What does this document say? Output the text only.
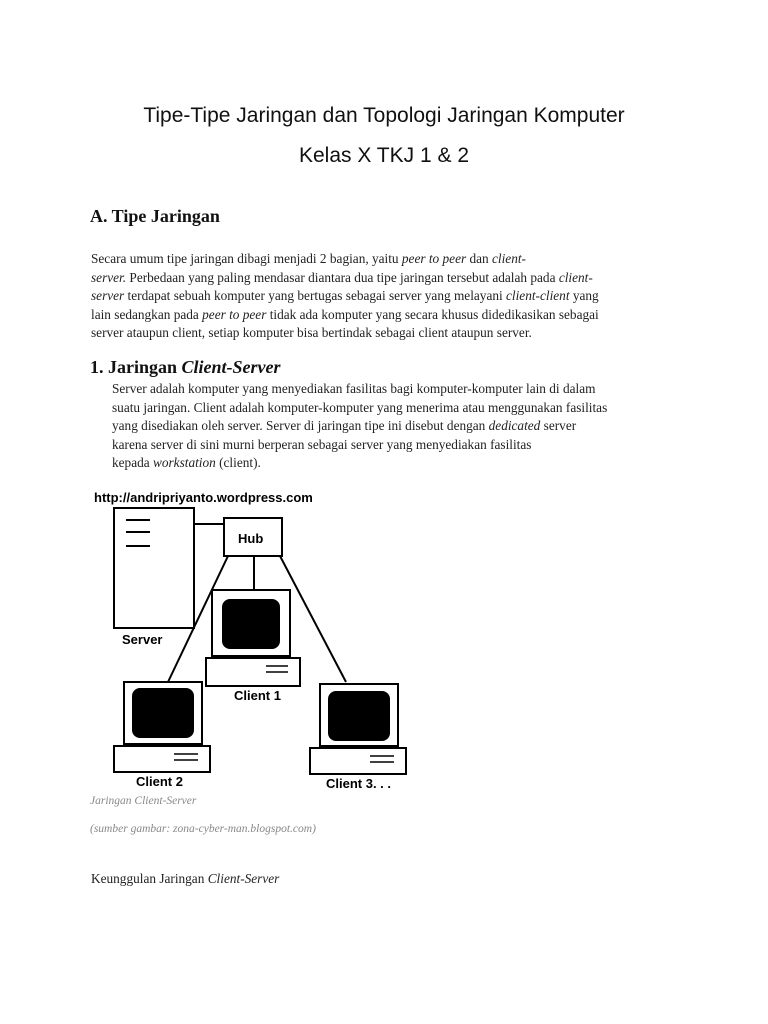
Tipe-Tipe Jaringan dan Topologi Jaringan Komputer
Kelas X TKJ 1 & 2
A. Tipe Jaringan
Secara umum tipe jaringan dibagi menjadi 2 bagian, yaitu peer to peer dan client-
server. Perbedaan yang paling mendasar diantara dua tipe jaringan tersebut adalah pada client-
server terdapat sebuah komputer yang bertugas sebagai server yang melayani client-client yang
lain sedangkan pada peer to peer tidak ada komputer yang secara khusus didedikasikan sebagai
server ataupun client, setiap komputer bisa bertindak sebagai client ataupun server.
1. Jaringan Client-Server
Server adalah komputer yang menyediakan fasilitas bagi komputer-komputer lain di dalam
suatu jaringan. Client adalah komputer-komputer yang menerima atau menggunakan fasilitas
yang disediakan oleh server. Server di jaringan tipe ini disebut dengan dedicated server
karena server di sini murni berperan sebagai server yang menyediakan fasilitas
kepada workstation (client).
http://andripriyanto.wordpress.com
Server
Hub
Client 1
Client 2	Client 3. . .
Jaringan Client-Server
(sumber gambar: zona-cyber-man.blogspot.com)
Keunggulan Jaringan Client-Server
